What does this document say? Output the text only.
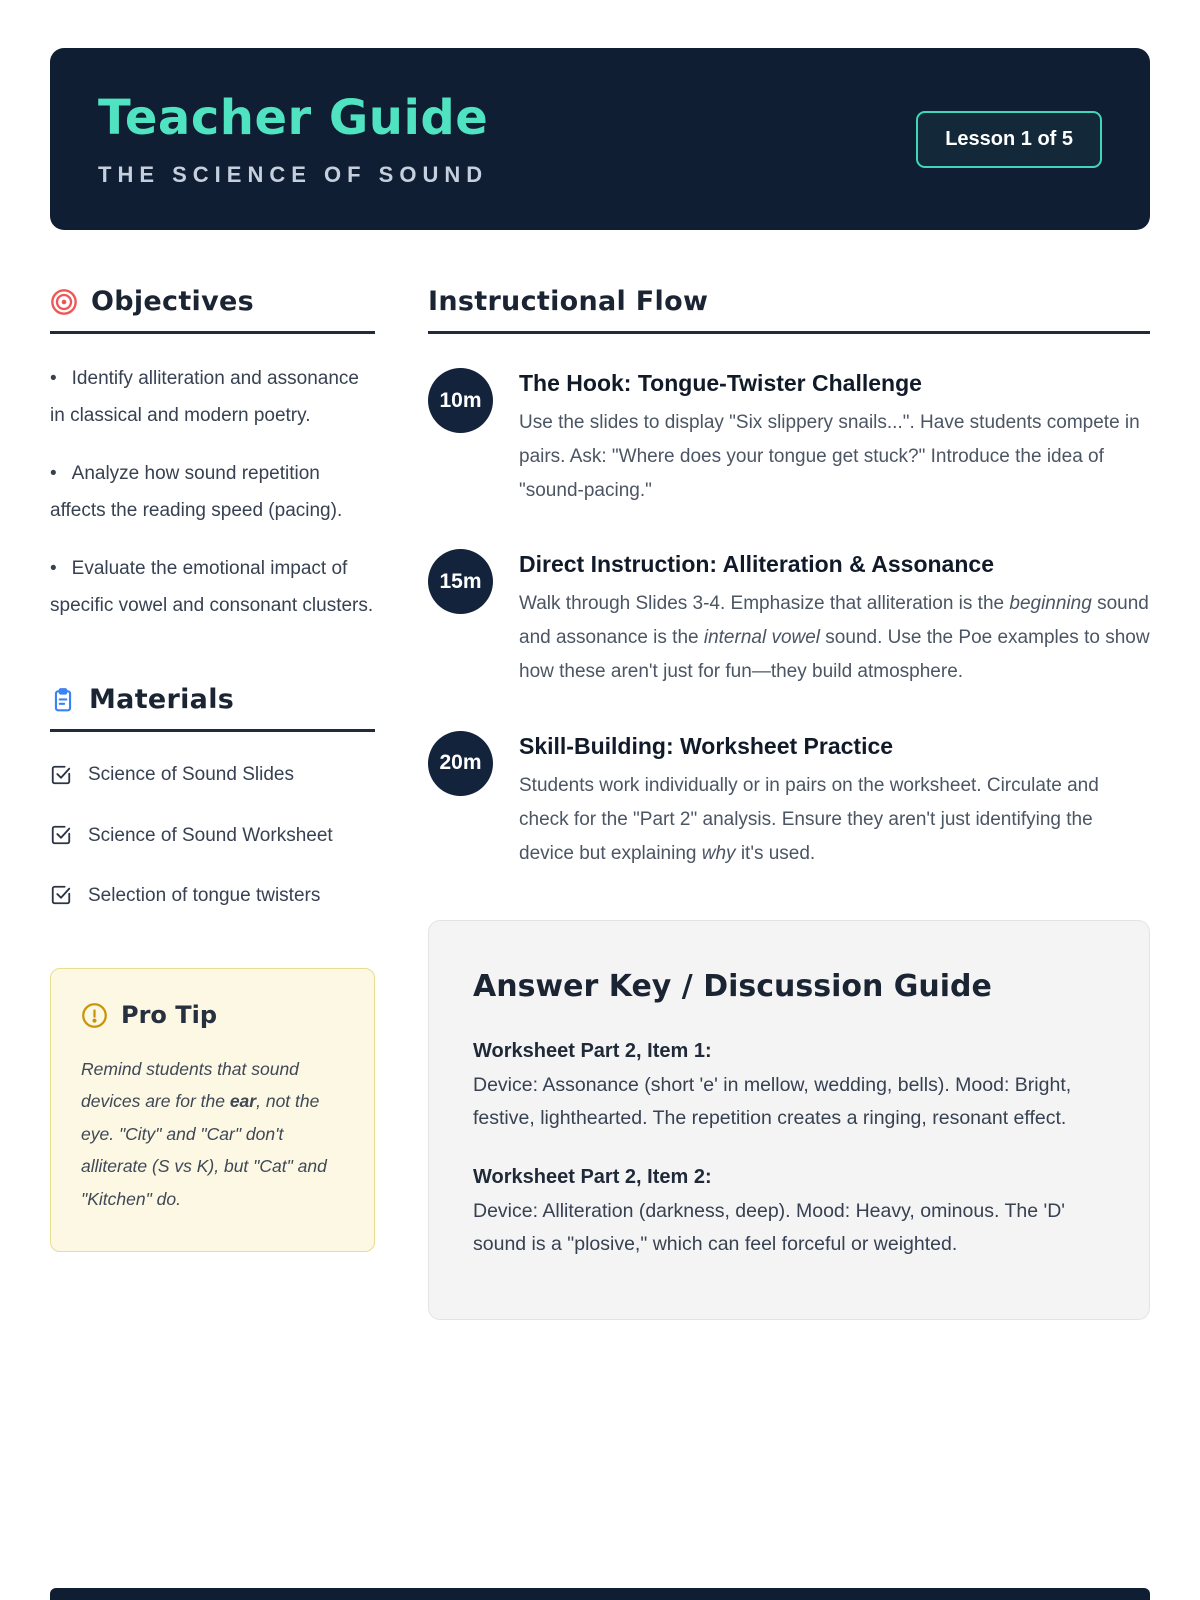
Teacher Guide
THE SCIENCE OF SOUND
Lesson 1 of 5
Objectives

• Identify alliteration and assonance in classical and modern poetry.

• Analyze how sound repetition affects the reading speed (pacing).

• Evaluate the emotional impact of specific vowel and consonant clusters.

Materials
Science of Sound Slides
Science of Sound Worksheet
Selection of tongue twisters
Pro Tip

Remind students that sound devices are for the ear, not the eye. "City" and "Car" don't alliterate (S vs K), but "Cat" and "Kitchen" do.

Instructional Flow
10m
The Hook: Tongue-Twister Challenge

Use the slides to display "Six slippery snails...". Have students compete in pairs. Ask: "Where does your tongue get stuck?" Introduce the idea of "sound-pacing."

15m
Direct Instruction: Alliteration & Assonance

Walk through Slides 3-4. Emphasize that alliteration is the beginning sound and assonance is the internal vowel sound. Use the Poe examples to show how these aren't just for fun—they build atmosphere.

20m
Skill-Building: Worksheet Practice

Students work individually or in pairs on the worksheet. Circulate and check for the "Part 2" analysis. Ensure they aren't just identifying the device but explaining why it's used.

Answer Key / Discussion Guide

Worksheet Part 2, Item 1:

Device: Assonance (short 'e' in mellow, wedding, bells). Mood: Bright, festive, lighthearted. The repetition creates a ringing, resonant effect.

Worksheet Part 2, Item 2:

Device: Alliteration (darkness, deep). Mood: Heavy, ominous. The 'D' sound is a "plosive," which can feel forceful or weighted.
